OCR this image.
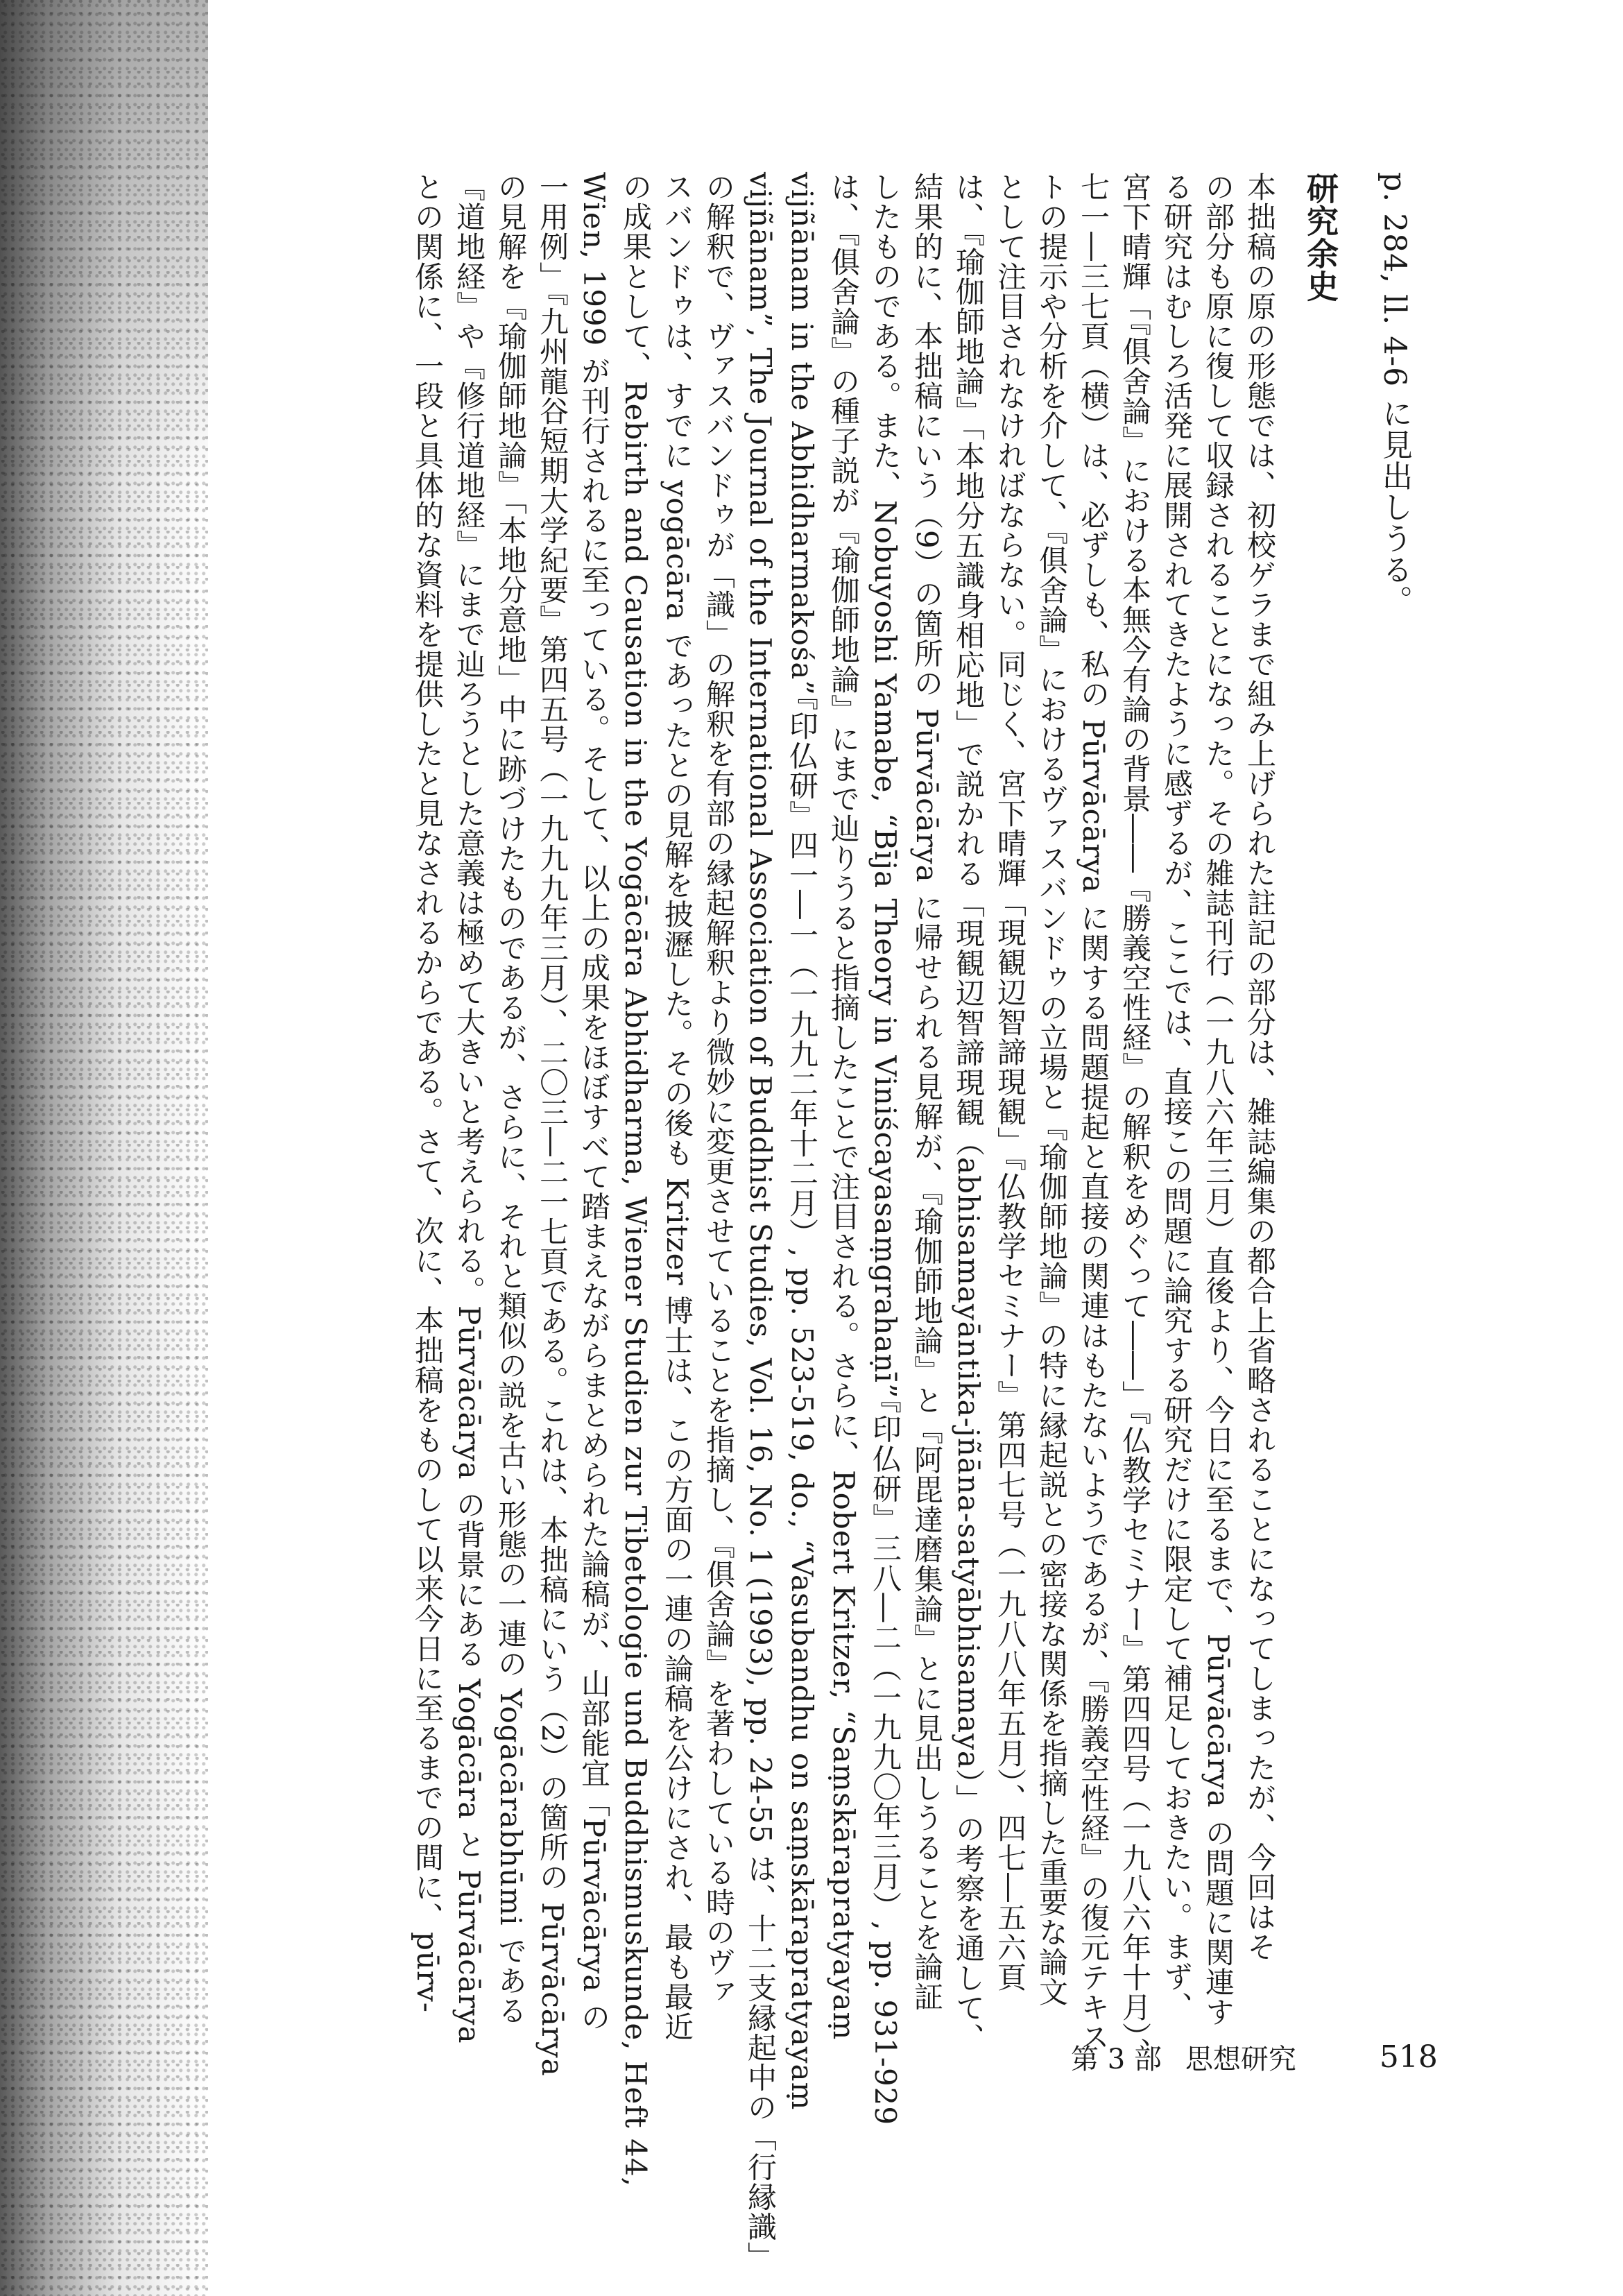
p. 284, ll. 4-6 に見出しうる。

研究余史

本拙稿の原の形態では、初校ゲラまで組み上げられた註記の部分は、雑誌編集の都合上省略されることになってしまったが、今回はそ

の部分も原に復して収録されることになった。その雑誌刊行（一九八六年三月）直後より、今日に至るまで、Pūrvācārya の問題に関連す

る研究はむしろ活発に展開されてきたように感ずるが、ここでは、直接この問題に論究する研究だけに限定して補足しておきたい。まず、

宮下晴輝「『俱舍論』における本無今有論の背景――『勝義空性経』の解釈をめぐって――」『仏教学セミナー』第四四号（一九八六年十月）、

七一―三七頁（横）は、必ずしも、私の Pūrvācārya に関する問題提起と直接の関連はもたないようであるが、『勝義空性経』の復元テキス

トの提示や分析を介して、『俱舍論』におけるヴァスバンドゥの立場と『瑜伽師地論』の特に縁起説との密接な関係を指摘した重要な論文

として注目されなければならない。同じく、宮下晴輝「現観辺智諦現観」『仏教学セミナー』第四七号（一九八八年五月）、四七―五六頁

は、『瑜伽師地論』「本地分五識身相応地」で説かれる「現観辺智諦現観（abhisamayāntika-jñāna-satyābhisamaya）」の考察を通して、

結果的に、本拙稿にいう（9）の箇所の Pūrvācārya に帰せられる見解が、『瑜伽師地論』と『阿毘達磨集論』とに見出しうることを論証

したものである。また、Nobuyoshi Yamabe, “Bīja Theory in Viniścayasaṃgrahaṇī”『印仏研』三八―二（一九九〇年三月）, pp. 931-929

は、『俱舍論』の種子説が『瑜伽師地論』にまで辿りうると指摘したことで注目される。さらに、Robert Kritzer, “Saṃskārapratyayaṃ

vijñānam in the Abhidharmakośa”『印仏研』四一―一（一九九二年十二月）, pp. 523-519, do., “Vasubandhu on saṃskārapratyayaṃ

vijñānam”, The Journal of the International Association of Buddhist Studies, Vol. 16, No. 1 (1993), pp. 24-55 は、十二支縁起中の「行縁識」

の解釈で、ヴァスバンドゥが「識」の解釈を有部の縁起解釈より微妙に変更させていることを指摘し、『俱舍論』を著わしている時のヴァ

スバンドゥは、すでに yogācāra であったとの見解を披瀝した。その後も Kritzer 博士は、この方面の一連の論稿を公けにされ、最も最近

の成果として、Rebirth and Causation in the Yogācāra Abhidharma, Wiener Studien zur Tibetologie und Buddhismuskunde, Heft 44,

Wien, 1999 が刊行されるに至っている。そして、以上の成果をほぼすべて踏まえながらまとめられた論稿が、山部能宜「Pūrvācārya の

一用例」『九州龍谷短期大学紀要』第四五号（一九九九年三月）、二〇三―二一七頁である。これは、本拙稿にいう（2）の箇所の Pūrvācārya

の見解を『瑜伽師地論』「本地分意地」中に跡づけたものであるが、さらに、それと類似の説を古い形態の一連の Yogācārabhūmi である

『道地経』や『修行道地経』にまで辿ろうとした意義は極めて大きいと考えられる。Pūrvācārya の背景にある Yogācāra と Pūrvācārya

との関係に、一段と具体的な資料を提供したと見なされるからである。さて、次に、本拙稿をものして以来今日に至るまでの間に、pūrv-

第 3 部 思想研究	518
